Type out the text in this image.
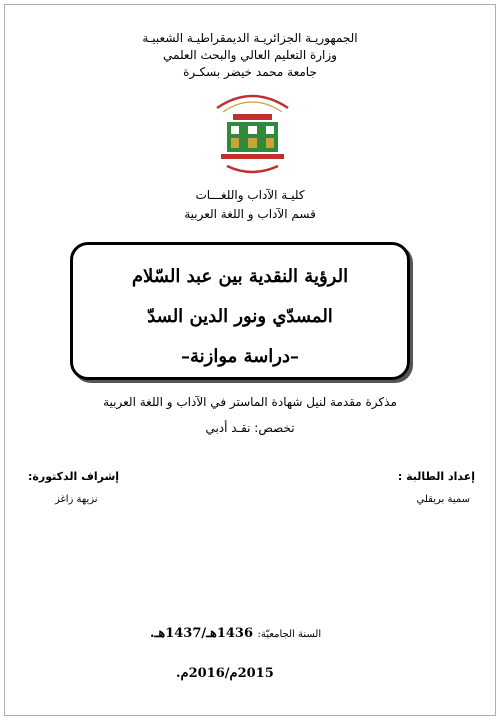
الجمهوريـة الجزائريـة الديمقراطيـة الشعبيـة
وزارة التعليم العالي والبحث العلمي
جامعة محمد خيضر بسكـرة
كليـة الآداب واللغـــات
قسم الآداب و اللغة العربية
الرؤية النقدية بين عبد السّلام
المسدّي ونور الدين السدّ
–دراسة موازنة–
مذكرة مقدمة لنيل شهادة الماستر في الآداب و اللغة العربية
تخصص: نقـد أدبي
إعداد الطالبة :
سمية بريقلي
إشراف الدكتورة:
نزيهة زاغز
السنة الجامعيّة: 1436هـ/1437هـ.
2015م/2016م.
